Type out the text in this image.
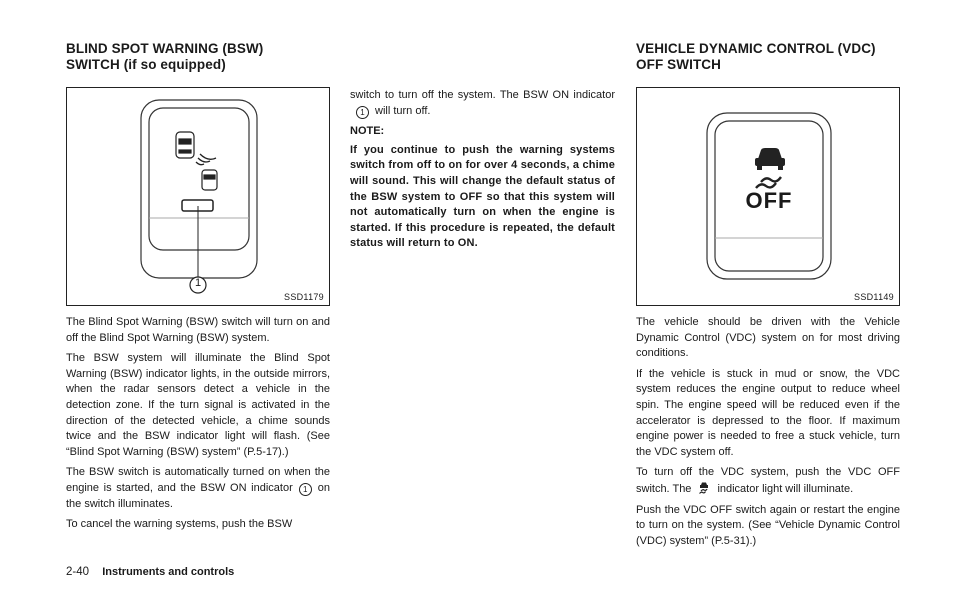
BLIND SPOT WARNING (BSW)
SWITCH (if so equipped)
1
SSD1179

The Blind Spot Warning (BSW) switch will turn on and off the Blind Spot Warning (BSW) system.

The BSW system will illuminate the Blind Spot Warning (BSW) indicator lights, in the outside mirrors, when the radar sensors detect a vehicle in the detection zone. If the turn signal is activated in the direction of the detected vehicle, a chime sounds twice and the BSW indicator light will flash. (See “Blind Spot Warning (BSW) system” (P.5-17).)

The BSW switch is automatically turned on when the engine is started, and the BSW ON indicator 1 on the switch illuminates.

To cancel the warning systems, push the BSW

switch to turn off the system. The BSW ON indicator1 will turn off.

NOTE:

If you continue to push the warning systems switch from off to on for over 4 seconds, a chime will sound. This will change the default status of the BSW system to OFF so that this system will not automatically turn on when the engine is started. If this procedure is repeated, the default status will return to ON.

VEHICLE DYNAMIC CONTROL (VDC)
OFF SWITCH
OFF
SSD1149

The vehicle should be driven with the Vehicle Dynamic Control (VDC) system on for most driving conditions.

If the vehicle is stuck in mud or snow, the VDC system reduces the engine output to reduce wheel spin. The engine speed will be reduced even if the accelerator is depressed to the floor. If maximum engine power is needed to free a stuck vehicle, turn the VDC system off.

To turn off the VDC system, push the VDC OFF switch. The indicator light will illuminate.

Push the VDC OFF switch again or restart the engine to turn on the system. (See “Vehicle Dynamic Control (VDC) system” (P.5-31).)

2-40 Instruments and controls
